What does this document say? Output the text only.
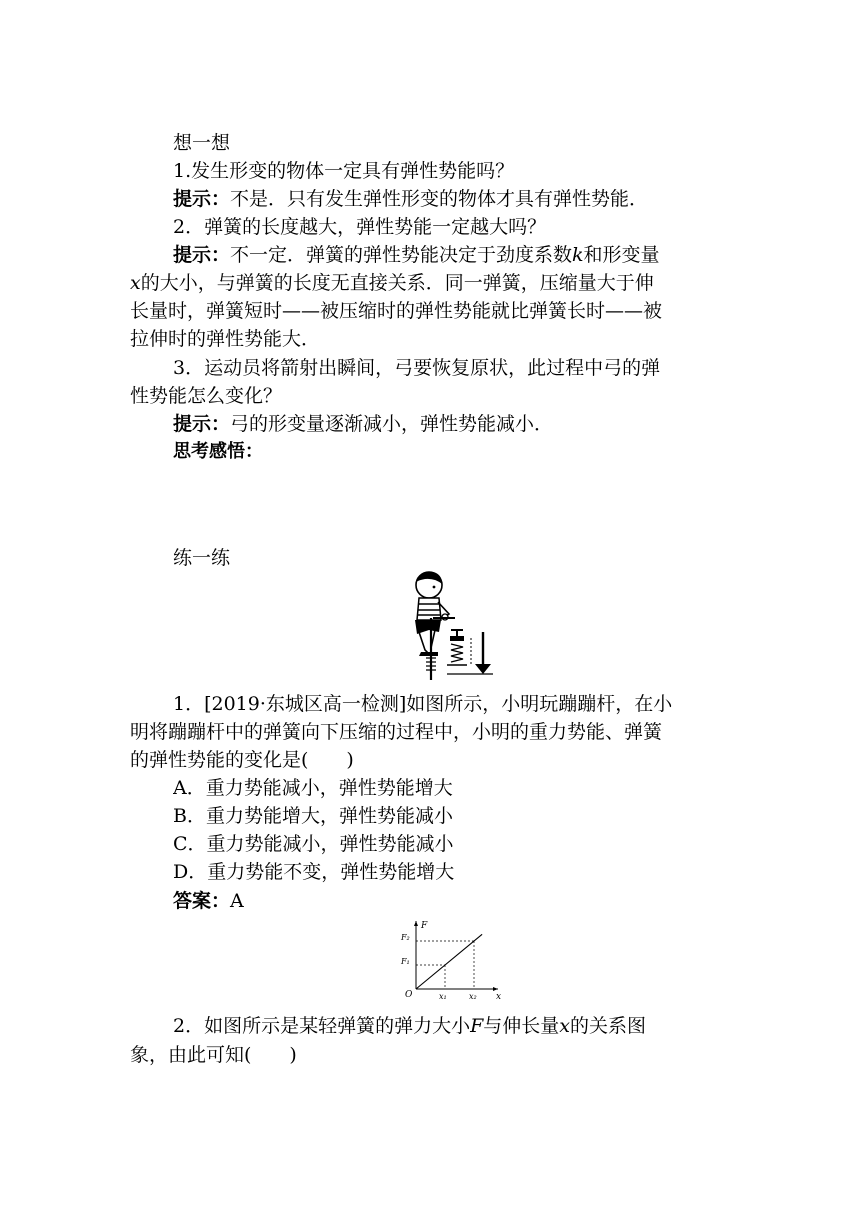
想一想
1.发生形变的物体一定具有弹性势能吗？
提示：不是．只有发生弹性形变的物体才具有弹性势能．
2．弹簧的长度越大，弹性势能一定越大吗？
提示：不一定．弹簧的弹性势能决定于劲度系数k和形变量
x的大小，与弹簧的长度无直接关系．同一弹簧，压缩量大于伸
长量时，弹簧短时——被压缩时的弹性势能就比弹簧长时——被
拉伸时的弹性势能大．
3．运动员将箭射出瞬间，弓要恢复原状，此过程中弓的弹
性势能怎么变化？
提示：弓的形变量逐渐减小，弹性势能减小．
思考感悟：
练一练
1．[2019·东城区高一检测]如图所示，小明玩蹦蹦杆，在小
明将蹦蹦杆中的弹簧向下压缩的过程中，小明的重力势能、弹簧
的弹性势能的变化是(　　)
A．重力势能减小，弹性势能增大
B．重力势能增大，弹性势能减小
C．重力势能减小，弹性势能减小
D．重力势能不变，弹性势能增大
答案：A
F
x
O
F₁
F₂
x₁	x₂
2．如图所示是某轻弹簧的弹力大小F与伸长量x的关系图
象，由此可知(　　)
